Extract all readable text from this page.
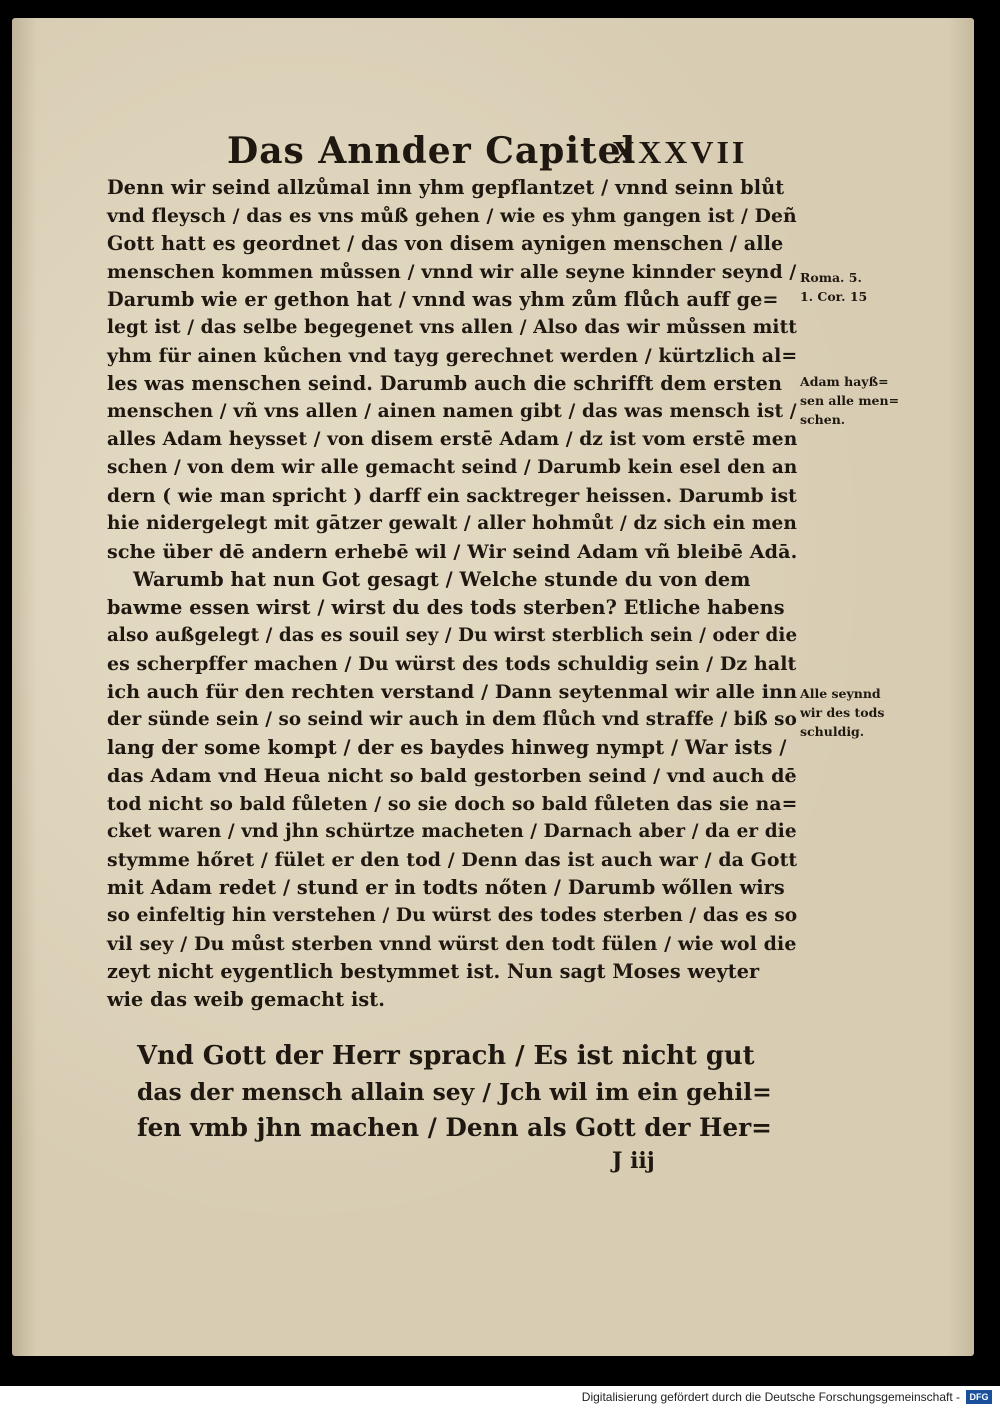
Das Annder Capitel
XXXVII
Denn wir seind allzůmal inn yhm gepflantzet / vnnd seinn blůt
vnd fleysch / das es vns můß gehen / wie es yhm gangen ist / Deñ
Gott hatt es geordnet / das von disem aynigen menschen / alle
menschen kommen můssen / vnnd wir alle seyne kinnder seynd /
Darumb wie er gethon hat / vnnd was yhm zům flůch auff ge=
legt ist / das selbe begegenet vns allen / Also das wir můssen mitt
yhm für ainen kůchen vnd tayg gerechnet werden / kürtzlich al=
les was menschen seind. Darumb auch die schrifft dem ersten
menschen / vñ vns allen / ainen namen gibt / das was mensch ist /
alles Adam heysset / von disem erstē Adam / dz ist vom erstē men
schen / von dem wir alle gemacht seind / Darumb kein esel den an
dern ( wie man spricht ) darff ein sacktreger heissen. Darumb ist
hie nidergelegt mit gātzer gewalt / aller hohmůt / dz sich ein men
sche über dē andern erhebē wil / Wir seind Adam vñ bleibē Adā.
Warumb hat nun Got gesagt / Welche stunde du von dem
bawme essen wirst / wirst du des tods sterben? Etliche habens
also außgelegt / das es souil sey / Du wirst sterblich sein / oder die
es scherpffer machen / Du würst des tods schuldig sein / Dz halt
ich auch für den rechten verstand / Dann seytenmal wir alle inn
der sünde sein / so seind wir auch in dem flůch vnd straffe / biß so
lang der some kompt / der es baydes hinweg nympt / War ists /
das Adam vnd Heua nicht so bald gestorben seind / vnd auch dē
tod nicht so bald fůleten / so sie doch so bald fůleten das sie na=
cket waren / vnd jhn schürtze macheten / Darnach aber / da er die
stymme hőret / fület er den tod / Denn das ist auch war / da Gott
mit Adam redet / stund er in todts nőten / Darumb wőllen wirs
so einfeltig hin verstehen / Du würst des todes sterben / das es so
vil sey / Du můst sterben vnnd würst den todt fülen / wie wol die
zeyt nicht eygentlich bestymmet ist. Nun sagt Moses weyter
wie das weib gemacht ist.
Vnd Gott der Herr sprach / Es ist nicht gut
das der mensch allain sey / Jch wil im ein gehil=
fen vmb jhn machen / Denn als Gott der Her=
J iij
Roma. 5.
1. Cor. 15
Adam hayß=
sen alle men=
schen.
Alle seynnd
wir des tods
schuldig.
Digitalisierung gefördert durch die Deutsche Forschungsgemeinschaft -	DFG
